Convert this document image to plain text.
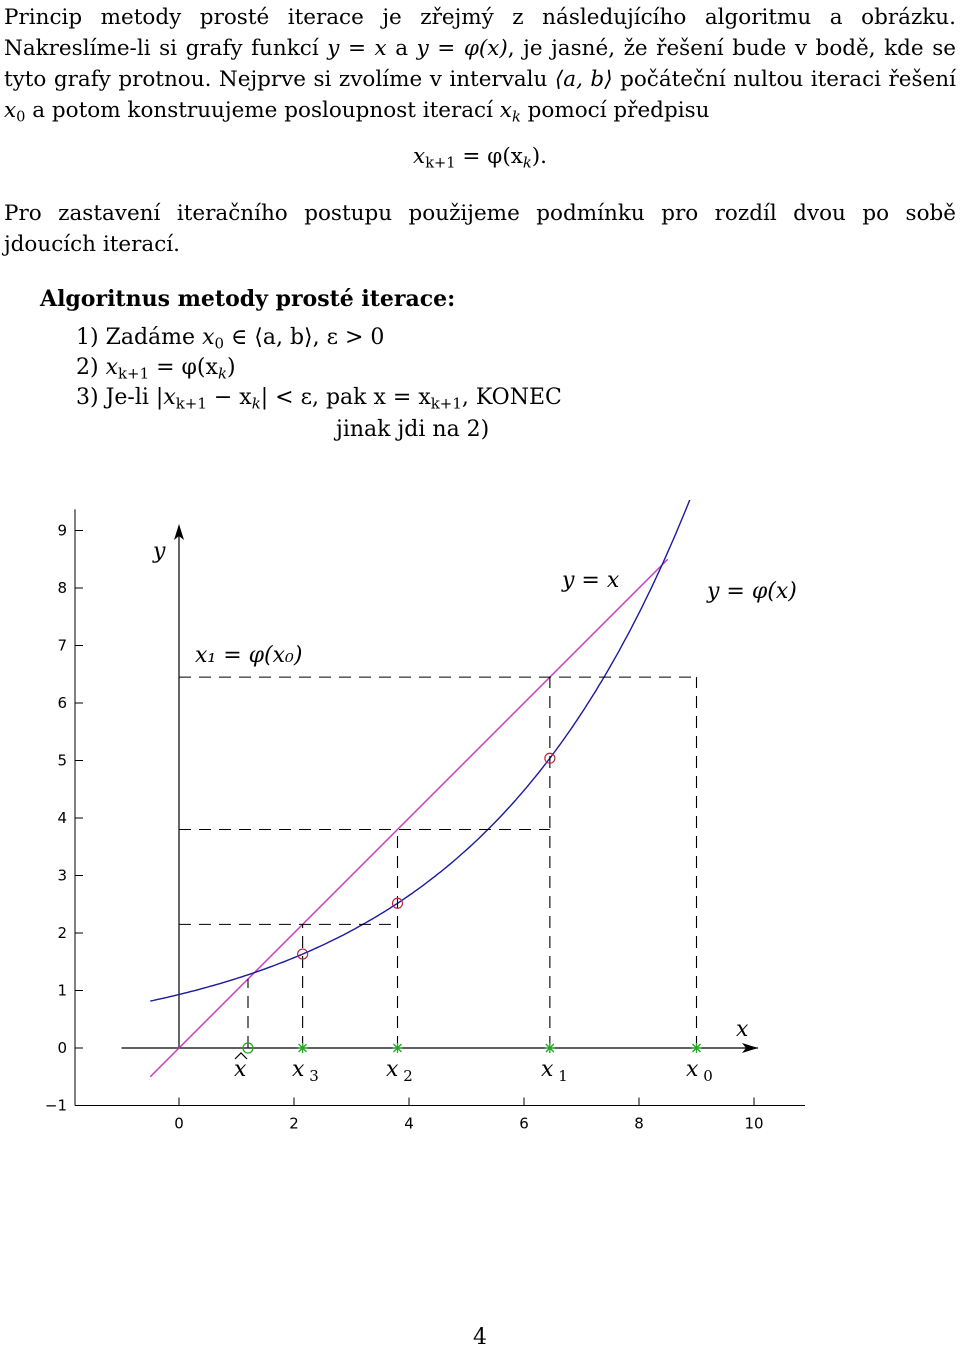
Princip metody prosté iterace je zřejmý z následujícího algoritmu a obrázku. Nakreslíme-li si grafy funkcí y = x a y = φ(x), je jasné, že řešení bude v bodě, kde se tyto grafy protnou. Nejprve si zvolíme v intervalu ⟨a, b⟩ počáteční nultou iteraci řešení $x_0$ a potom konstruujeme posloupnost iterací $x_k$ pomocí předpisu

$x_{k+1} = \varphi(x_k)$.

Pro zastavení iteračního postupu použijeme podmínku pro rozdíl dvou po sobě jdoucích iterací.

Algoritnus metody prosté iterace:
1) Zadáme $x_0$ ∈ ⟨a, b⟩, ε > 0
2) $x_{k+1} = \varphi(x_k)$
3) Je-li $|x_{k+1} - x_k| < \varepsilon$, pak $x = x_{k+1}$, KONEC
jinak jdi na 2)
−1
0
1
2
3
4
5
6
7
8
9
0	2	4	6	8	10
x
y
x x $_3$	x $_2$	x $_1$	x $_0$
y = x	y = φ(x)
x₁ = φ(x₀)
4
